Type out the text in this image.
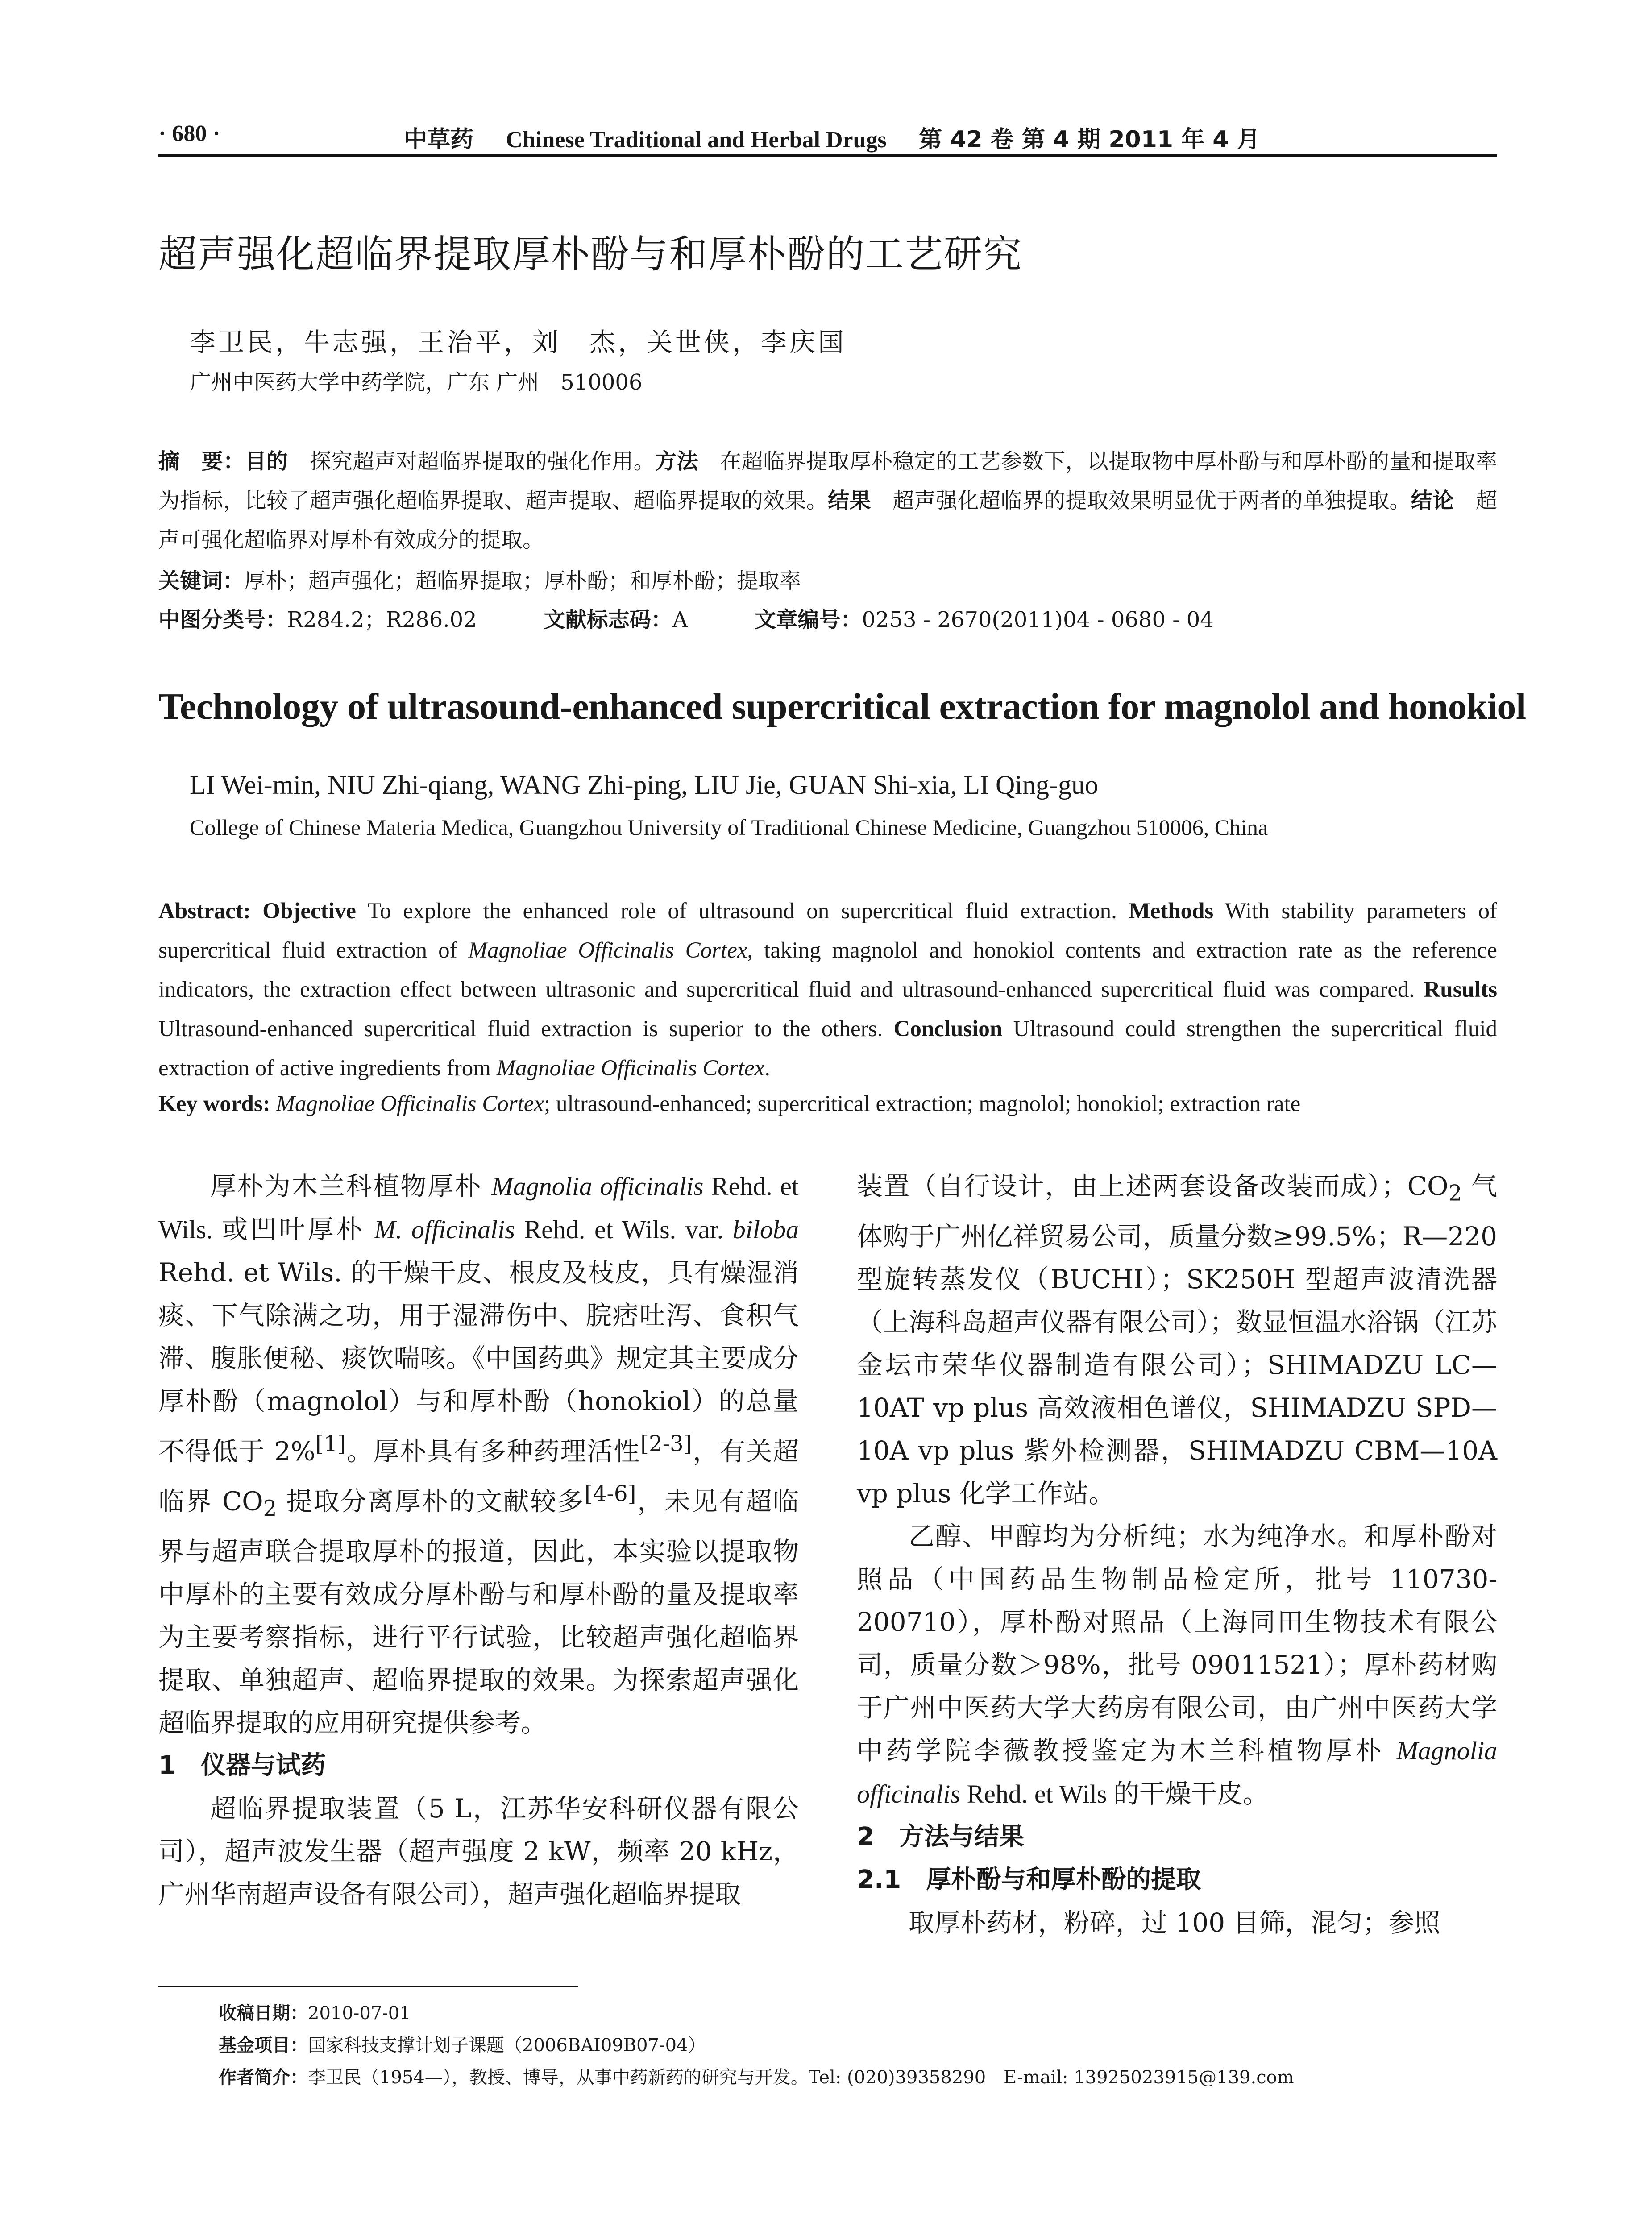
· 680 ·	中草药 Chinese Traditional and Herbal Drugs 第 42 卷 第 4 期 2011 年 4 月
超声强化超临界提取厚朴酚与和厚朴酚的工艺研究
李卫民，牛志强，王治平，刘　杰，关世侠，李庆国
广州中医药大学中药学院，广东 广州　510006
摘　要：目的　探究超声对超临界提取的强化作用。方法　在超临界提取厚朴稳定的工艺参数下，以提取物中厚朴酚与和厚朴酚的量和提取率为指标，比较了超声强化超临界提取、超声提取、超临界提取的效果。结果　超声强化超临界的提取效果明显优于两者的单独提取。结论　超声可强化超临界对厚朴有效成分的提取。
关键词：厚朴；超声强化；超临界提取；厚朴酚；和厚朴酚；提取率
中图分类号：R284.2；R286.02	文献标志码：A	文章编号：0253 - 2670(2011)04 - 0680 - 04
Technology of ultrasound-enhanced supercritical extraction for magnolol and honokiol
LI Wei-min, NIU Zhi-qiang, WANG Zhi-ping, LIU Jie, GUAN Shi-xia, LI Qing-guo
College of Chinese Materia Medica, Guangzhou University of Traditional Chinese Medicine, Guangzhou 510006, China
Abstract: Objective To explore the enhanced role of ultrasound on supercritical fluid extraction. Methods With stability parameters of supercritical fluid extraction of Magnoliae Officinalis Cortex, taking magnolol and honokiol contents and extraction rate as the reference indicators, the extraction effect between ultrasonic and supercritical fluid and ultrasound-enhanced supercritical fluid was compared. Rusults Ultrasound-enhanced supercritical fluid extraction is superior to the others. Conclusion Ultrasound could strengthen the supercritical fluid extraction of active ingredients from Magnoliae Officinalis Cortex.
Key words: Magnoliae Officinalis Cortex; ultrasound-enhanced; supercritical extraction; magnolol; honokiol; extraction rate

厚朴为木兰科植物厚朴 Magnolia officinalis Rehd. et Wils. 或凹叶厚朴 M. officinalis Rehd. et Wils. var. biloba Rehd. et Wils. 的干燥干皮、根皮及枝皮，具有燥湿消痰、下气除满之功，用于湿滞伤中、脘痞吐泻、食积气滞、腹胀便秘、痰饮喘咳。《中国药典》规定其主要成分厚朴酚（magnolol）与和厚朴酚（honokiol）的总量不得低于 2%[1]。厚朴具有多种药理活性[2-3]，有关超临界 $CO_2$ 提取分离厚朴的文献较多[4-6]，未见有超临界与超声联合提取厚朴的报道，因此，本实验以提取物中厚朴的主要有效成分厚朴酚与和厚朴酚的量及提取率为主要考察指标，进行平行试验，比较超声强化超临界提取、单独超声、超临界提取的效果。为探索超声强化超临界提取的应用研究提供参考。

1　仪器与试药

超临界提取装置（5 L，江苏华安科研仪器有限公司），超声波发生器（超声强度 2 kW，频率 20 kHz，广州华南超声设备有限公司），超声强化超临界提取

装置（自行设计，由上述两套设备改装而成）；$CO_2$ 气体购于广州亿祥贸易公司，质量分数≥99.5%；R—220 型旋转蒸发仪（BUCHI）；SK250H 型超声波清洗器（上海科岛超声仪器有限公司）；数显恒温水浴锅（江苏金坛市荣华仪器制造有限公司）；SHIMADZU LC—10AT vp plus 高效液相色谱仪，SHIMADZU SPD—10A vp plus 紫外检测器，SHIMADZU CBM—10A vp plus 化学工作站。

乙醇、甲醇均为分析纯；水为纯净水。和厚朴酚对照品（中国药品生物制品检定所，批号 110730-200710），厚朴酚对照品（上海同田生物技术有限公司，质量分数＞98%，批号 09011521）；厚朴药材购于广州中医药大学大药房有限公司，由广州中医药大学中药学院李薇教授鉴定为木兰科植物厚朴 Magnolia officinalis Rehd. et Wils 的干燥干皮。

2　方法与结果

2.1　厚朴酚与和厚朴酚的提取

取厚朴药材，粉碎，过 100 目筛，混匀；参照

收稿日期：2010-07-01
基金项目：国家科技支撑计划子课题（2006BAI09B07-04）
作者简介：李卫民（1954—），教授、博导，从事中药新药的研究与开发。Tel: (020)39358290　E-mail: 13925023915@139.com
